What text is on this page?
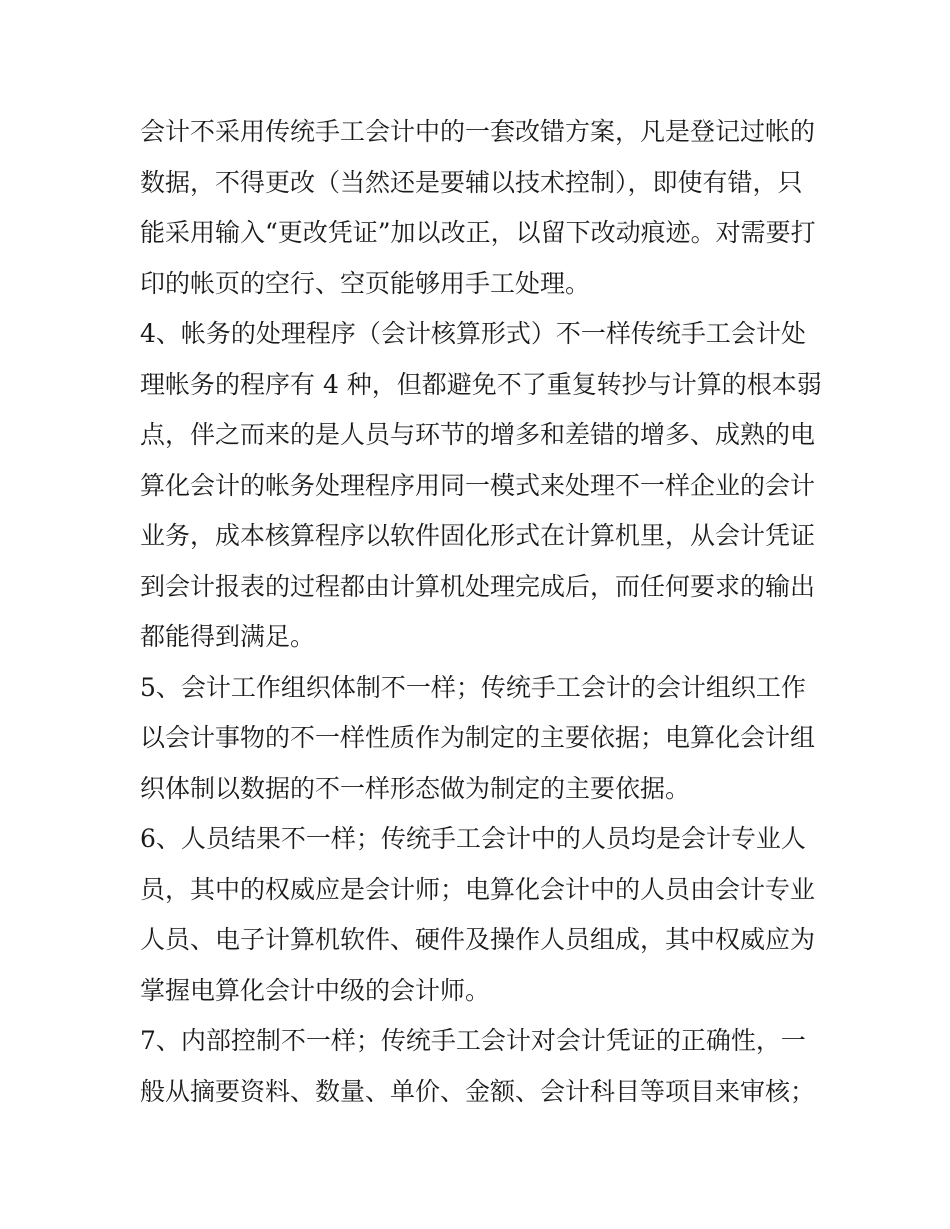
会计不采用传统手工会计中的一套改错方案，凡是登记过帐的
数据，不得更改（当然还是要辅以技术控制），即使有错，只
能采用输入“更改凭证”加以改正，以留下改动痕迹。对需要打
印的帐页的空行、空页能够用手工处理。
4、帐务的处理程序（会计核算形式）不一样传统手工会计处
理帐务的程序有 4 种，但都避免不了重复转抄与计算的根本弱
点，伴之而来的是人员与环节的增多和差错的增多、成熟的电
算化会计的帐务处理程序用同一模式来处理不一样企业的会计
业务，成本核算程序以软件固化形式在计算机里，从会计凭证
到会计报表的过程都由计算机处理完成后，而任何要求的输出
都能得到满足。
5、会计工作组织体制不一样；传统手工会计的会计组织工作
以会计事物的不一样性质作为制定的主要依据；电算化会计组
织体制以数据的不一样形态做为制定的主要依据。
6、人员结果不一样；传统手工会计中的人员均是会计专业人
员，其中的权威应是会计师；电算化会计中的人员由会计专业
人员、电子计算机软件、硬件及操作人员组成，其中权威应为
掌握电算化会计中级的会计师。
7、内部控制不一样；传统手工会计对会计凭证的正确性，一
般从摘要资料、数量、单价、金额、会计科目等项目来审核；
